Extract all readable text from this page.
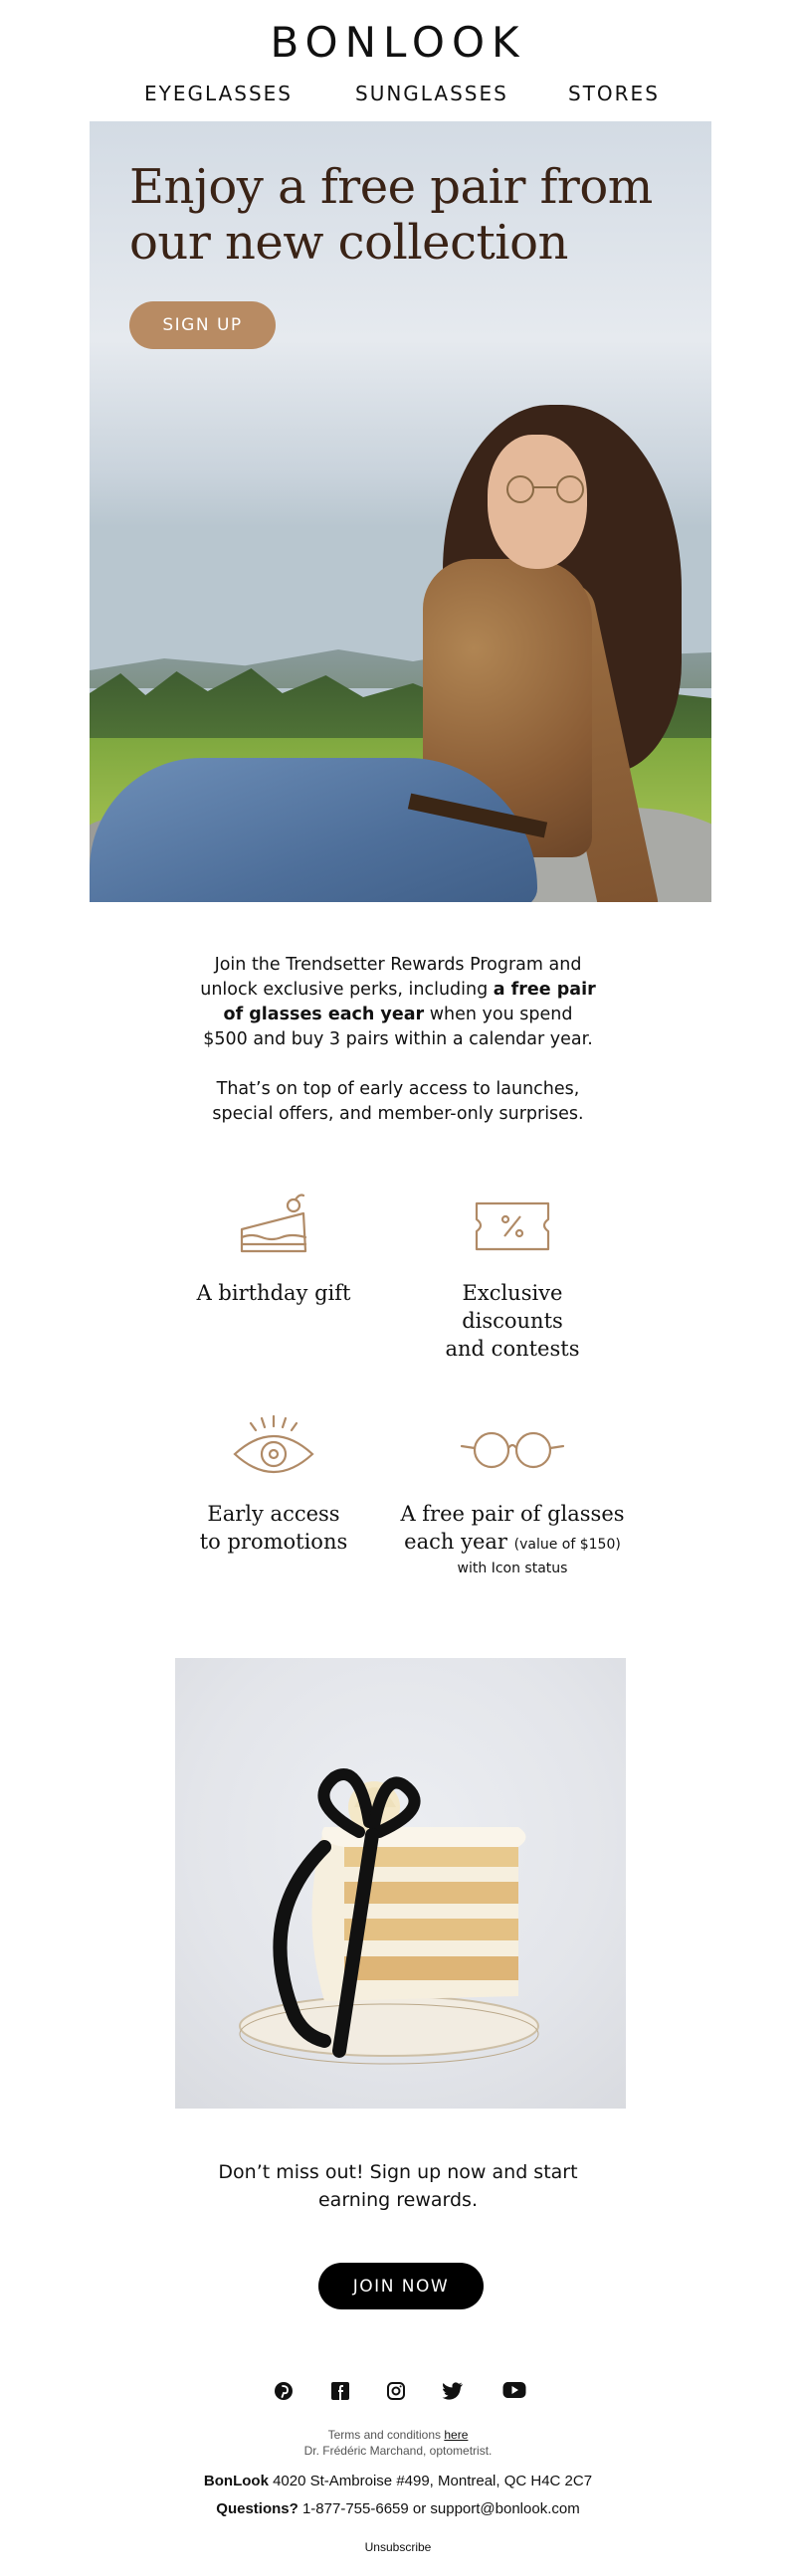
BONLOOK
EYEGLASSES	SUNGLASSES	STORES
Enjoy a free pair from our new collection
SIGN UP

Join the Trendsetter Rewards Program and unlock exclusive perks, including a free pair of glasses each year when you spend $500 and buy 3 pairs within a calendar year.

That’s on top of early access to launches, special offers, and member-only surprises.

A birthday gift	Exclusive discounts
and contests
Early access
to promotions
A free pair of glasses
each year (value of $150)
with Icon status
Don’t miss out! Sign up now and start earning rewards.
JOIN NOW
Terms and conditions here
Dr. Frédéric Marchand, optometrist.
BonLook 4020 St-Ambroise #499, Montreal, QC H4C 2C7
Questions? 1-877-755-6659 or support@bonlook.com
Unsubscribe
